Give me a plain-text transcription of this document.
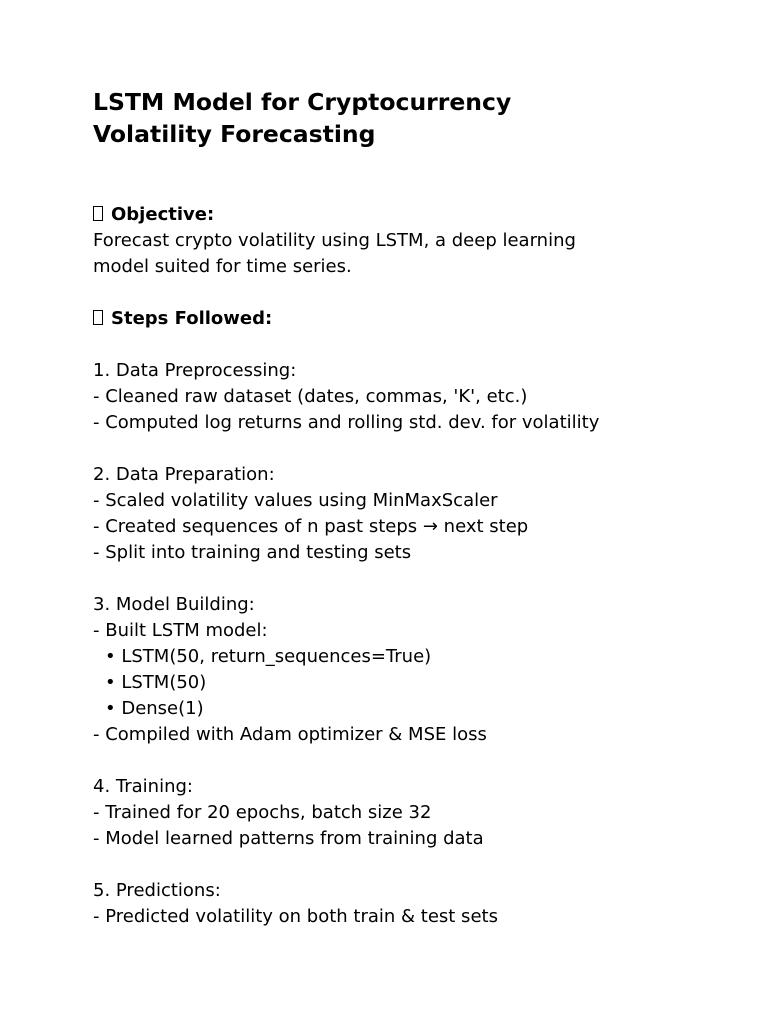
LSTM Model for Cryptocurrency
Volatility Forecasting
Objective:

Forecast crypto volatility using LSTM, a deep learning

model suited for time series.

Steps Followed:

1. Data Preprocessing:

- Cleaned raw dataset (dates, commas, 'K', etc.)

- Computed log returns and rolling std. dev. for volatility

2. Data Preparation:

- Scaled volatility values using MinMaxScaler

- Created sequences of n past steps → next step

- Split into training and testing sets

3. Model Building:

- Built LSTM model:

• LSTM(50, return_sequences=True)

• LSTM(50)

• Dense(1)

- Compiled with Adam optimizer & MSE loss

4. Training:

- Trained for 20 epochs, batch size 32

- Model learned patterns from training data

5. Predictions:

- Predicted volatility on both train & test sets
